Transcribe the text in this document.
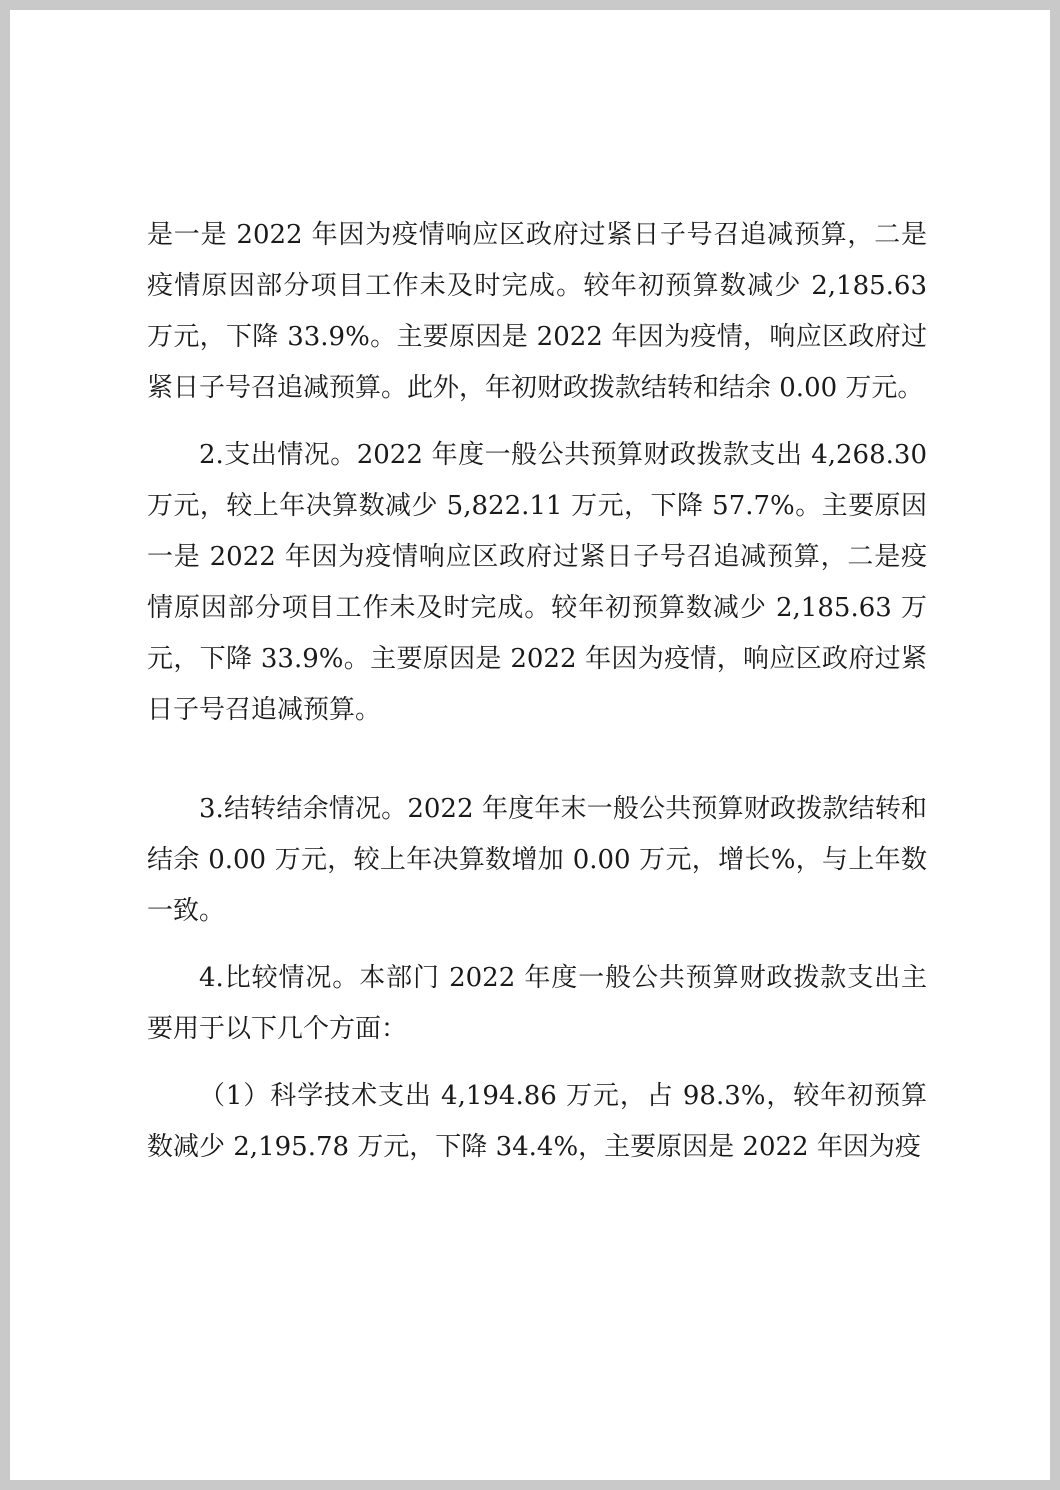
是一是 2022 年因为疫情响应区政府过紧日子号召追减预算，二是疫情原因部分项目工作未及时完成。较年初预算数减少 2,185.63 万元，下降 33.9%。主要原因是 2022 年因为疫情，响应区政府过紧日子号召追减预算。此外，年初财政拨款结转和结余 0.00 万元。

2.支出情况。2022 年度一般公共预算财政拨款支出 4,268.30 万元，较上年决算数减少 5,822.11 万元，下降 57.7%。主要原因一是 2022 年因为疫情响应区政府过紧日子号召追减预算，二是疫情原因部分项目工作未及时完成。较年初预算数减少 2,185.63 万元，下降 33.9%。主要原因是 2022 年因为疫情，响应区政府过紧日子号召追减预算。

3.结转结余情况。2022 年度年末一般公共预算财政拨款结转和结余 0.00 万元，较上年决算数增加 0.00 万元，增长%，与上年数一致。

4.比较情况。本部门 2022 年度一般公共预算财政拨款支出主要用于以下几个方面：

（1）科学技术支出 4,194.86 万元，占 98.3%，较年初预算数减少 2,195.78 万元，下降 34.4%，主要原因是 2022 年因为疫
